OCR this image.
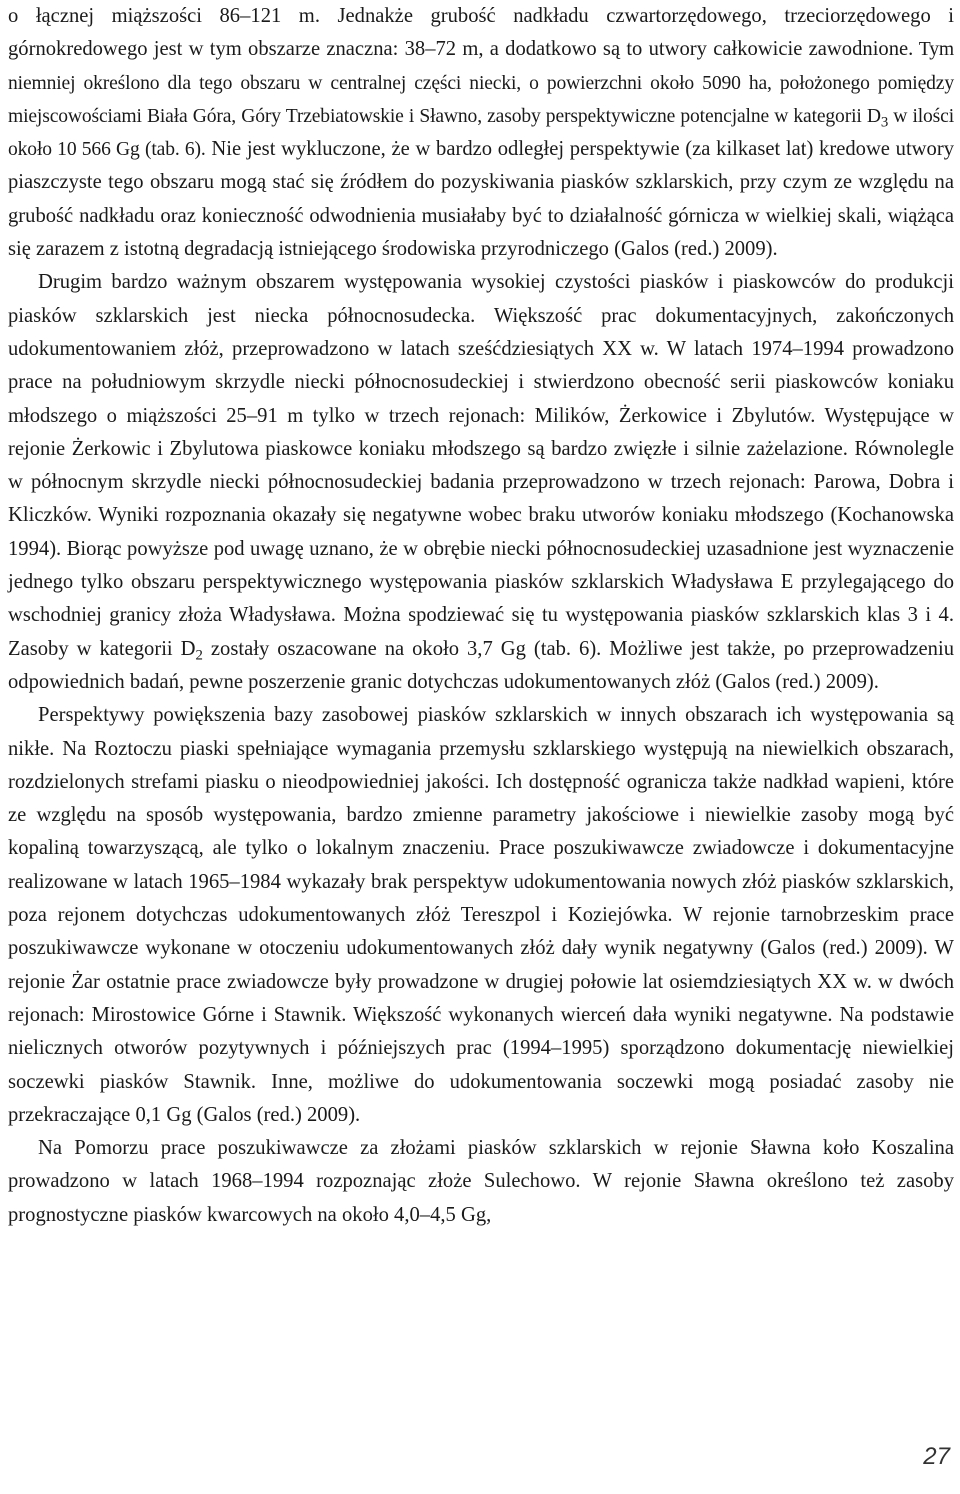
o łącznej miąższości 86–121 m. Jednakże grubość nadkładu czwartorzędowego, trzeciorzędowego i górnokredowego jest w tym obszarze znaczna: 38–72 m, a dodatkowo są to utwory całkowicie zawodnione. Tym niemniej określono dla tego obszaru w centralnej części niecki, o powierzchni około 5090 ha, położonego pomiędzy miejscowościami Biała Góra, Góry Trzebiatowskie i Sławno, zasoby perspektywiczne potencjalne w kategorii $D_3$ w ilości około 10 566 Gg (tab. 6). Nie jest wykluczone, że w bardzo odległej perspektywie (za kilkaset lat) kredowe utwory piaszczyste tego obszaru mogą stać się źródłem do pozyskiwania piasków szklarskich, przy czym ze względu na grubość nadkładu oraz konieczność odwodnienia musiałaby być to działalność górnicza w wielkiej skali, wiążąca się zarazem z istotną degradacją istniejącego środowiska przyrodniczego (Galos (red.) 2009).

Drugim bardzo ważnym obszarem występowania wysokiej czystości piasków i piaskowców do produkcji piasków szklarskich jest niecka północnosudecka. Większość prac dokumentacyjnych, zakończonych udokumentowaniem złóż, przeprowadzono w latach sześćdziesiątych XX w. W latach 1974–1994 prowadzono prace na południowym skrzydle niecki północnosudeckiej i stwierdzono obecność serii piaskowców koniaku młodszego o miąższości 25–91 m tylko w trzech rejonach: Milików, Żerkowice i Zbylutów. Występujące w rejonie Żerkowic i Zbylutowa piaskowce koniaku młodszego są bardzo zwięzłe i silnie zażelazione. Równolegle w północnym skrzydle niecki północnosudeckiej badania przeprowadzono w trzech rejonach: Parowa, Dobra i Kliczków. Wyniki rozpoznania okazały się negatywne wobec braku utworów koniaku młodszego (Kochanowska 1994). Biorąc powyższe pod uwagę uznano, że w obrębie niecki północnosudeckiej uzasadnione jest wyznaczenie jednego tylko obszaru perspektywicznego występowania piasków szklarskich Władysława E przylegającego do wschodniej granicy złoża Władysława. Można spodziewać się tu występowania piasków szklarskich klas 3 i 4. Zasoby w kategorii $D_2$ zostały oszacowane na około 3,7 Gg (tab. 6). Możliwe jest także, po przeprowadzeniu odpowiednich badań, pewne poszerzenie granic dotychczas udokumentowanych złóż (Galos (red.) 2009).

Perspektywy powiększenia bazy zasobowej piasków szklarskich w innych obszarach ich występowania są nikłe. Na Roztoczu piaski spełniające wymagania przemysłu szklarskiego występują na niewielkich obszarach, rozdzielonych strefami piasku o nieodpowiedniej jakości. Ich dostępność ogranicza także nadkład wapieni, które ze względu na sposób występowania, bardzo zmienne parametry jakościowe i niewielkie zasoby mogą być kopaliną towarzyszącą, ale tylko o lokalnym znaczeniu. Prace poszukiwawcze zwiadowcze i dokumentacyjne realizowane w latach 1965–1984 wykazały brak perspektyw udokumentowania nowych złóż piasków szklarskich, poza rejonem dotychczas udokumentowanych złóż Tereszpol i Koziejówka. W rejonie tarnobrzeskim prace poszukiwawcze wykonane w otoczeniu udokumentowanych złóż dały wynik negatywny (Galos (red.) 2009). W rejonie Żar ostatnie prace zwiadowcze były prowadzone w drugiej połowie lat osiemdziesiątych XX w. w dwóch rejonach: Mirostowice Górne i Stawnik. Większość wykonanych wierceń dała wyniki negatywne. Na podstawie nielicznych otworów pozytywnych i późniejszych prac (1994–1995) sporządzono dokumentację niewielkiej soczewki piasków Stawnik. Inne, możliwe do udokumentowania soczewki mogą posiadać zasoby nie przekraczające 0,1 Gg (Galos (red.) 2009).

Na Pomorzu prace poszukiwawcze za złożami piasków szklarskich w rejonie Sławna koło Koszalina prowadzono w latach 1968–1994 rozpoznając złoże Sulechowo. W rejonie Sławna określono też zasoby prognostyczne piasków kwarcowych na około 4,0–4,5 Gg,

27
